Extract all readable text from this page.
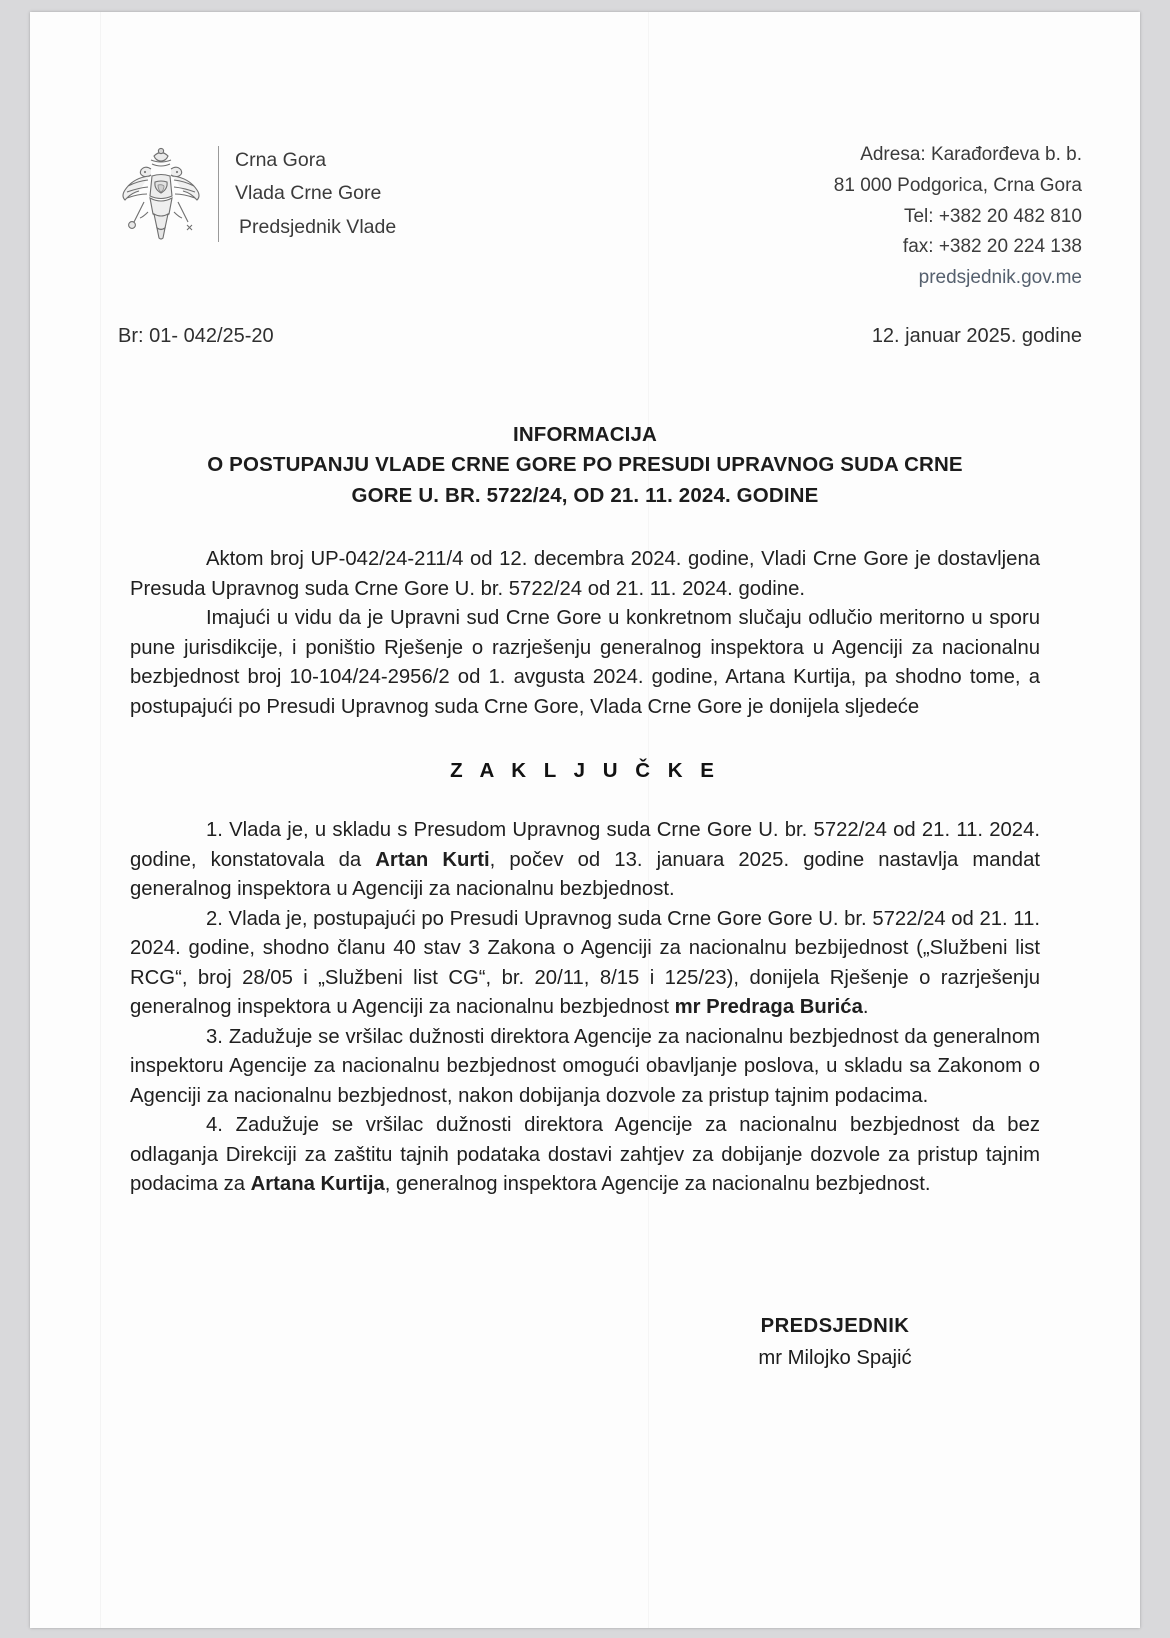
Crna Gora
Vlada Crne Gore
Predsjednik Vlade
Adresa: Karađorđeva b. b.
81 000 Podgorica, Crna Gora
Tel: +382 20 482 810
fax: +382 20 224 138
predsjednik.gov.me
Br: 01- 042/25-20	12. januar 2025. godine
INFORMACIJA
O POSTUPANJU VLADE CRNE GORE PO PRESUDI UPRAVNOG SUDA CRNE
GORE U. BR. 5722/24, OD 21. 11. 2024. GODINE

Aktom broj UP-042/24-211/4 od 12. decembra 2024. godine, Vladi Crne Gore je dostavljena Presuda Upravnog suda Crne Gore U. br. 5722/24 od 21. 11. 2024. godine.

Imajući u vidu da je Upravni sud Crne Gore u konkretnom slučaju odlučio meritorno u sporu pune jurisdikcije, i poništio Rješenje o razrješenju generalnog inspektora u Agenciji za nacionalnu bezbjednost broj 10-104/24-2956/2 od 1. avgusta 2024. godine, Artana Kurtija, pa shodno tome, a postupajući po Presudi Upravnog suda Crne Gore, Vlada Crne Gore je donijela sljedeće

Z A K L J U Č K E

1. Vlada je, u skladu s Presudom Upravnog suda Crne Gore U. br. 5722/24 od 21. 11. 2024. godine, konstatovala da Artan Kurti, počev od 13. januara 2025. godine nastavlja mandat generalnog inspektora u Agenciji za nacionalnu bezbjednost.

2. Vlada je, postupajući po Presudi Upravnog suda Crne Gore Gore U. br. 5722/24 od 21. 11. 2024. godine, shodno članu 40 stav 3 Zakona o Agenciji za nacionalnu bezbijednost („Službeni list RCG“, broj 28/05 i „Službeni list CG“, br. 20/11, 8/15 i 125/23), donijela Rješenje o razrješenju generalnog inspektora u Agenciji za nacionalnu bezbjednost mr Predraga Burića.

3. Zadužuje se vršilac dužnosti direktora Agencije za nacionalnu bezbjednost da generalnom inspektoru Agencije za nacionalnu bezbjednost omogući obavljanje poslova, u skladu sa Zakonom o Agenciji za nacionalnu bezbjednost, nakon dobijanja dozvole za pristup tajnim podacima.

4. Zadužuje se vršilac dužnosti direktora Agencije za nacionalnu bezbjednost da bez odlaganja Direkciji za zaštitu tajnih podataka dostavi zahtjev za dobijanje dozvole za pristup tajnim podacima za Artana Kurtija, generalnog inspektora Agencije za nacionalnu bezbjednost.

PREDSJEDNIK
mr Milojko Spajić
